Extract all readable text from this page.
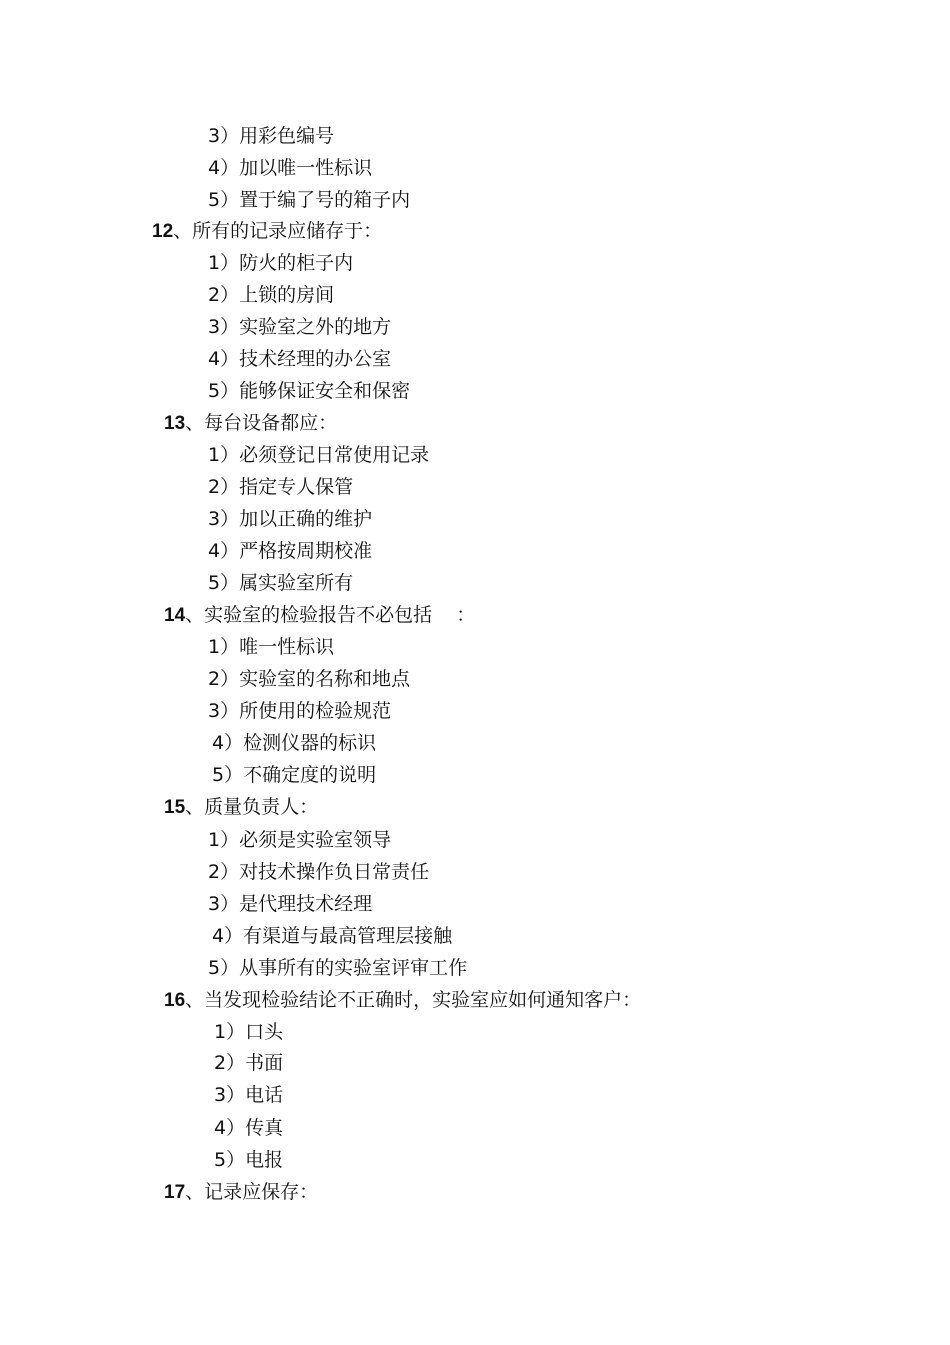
3）用彩色编号
4）加以唯一性标识
5）置于编了号的箱子内
12、所有的记录应储存于：
1）防火的柜子内
2）上锁的房间
3）实验室之外的地方
4）技术经理的办公室
5）能够保证安全和保密
13、每台设备都应：
1）必须登记日常使用记录
2）指定专人保管
3）加以正确的维护
4）严格按周期校准
5）属实验室所有
14、实验室的检验报告不必包括    ：
1）唯一性标识
2）实验室的名称和地点
3）所使用的检验规范
4）检测仪器的标识
5）不确定度的说明
15、质量负责人：
1）必须是实验室领导
2）对技术操作负日常责任
3）是代理技术经理
4）有渠道与最高管理层接触
5）从事所有的实验室评审工作
16、当发现检验结论不正确时，实验室应如何通知客户：
1）口头
2）书面
3）电话
4）传真
5）电报
17、记录应保存：
